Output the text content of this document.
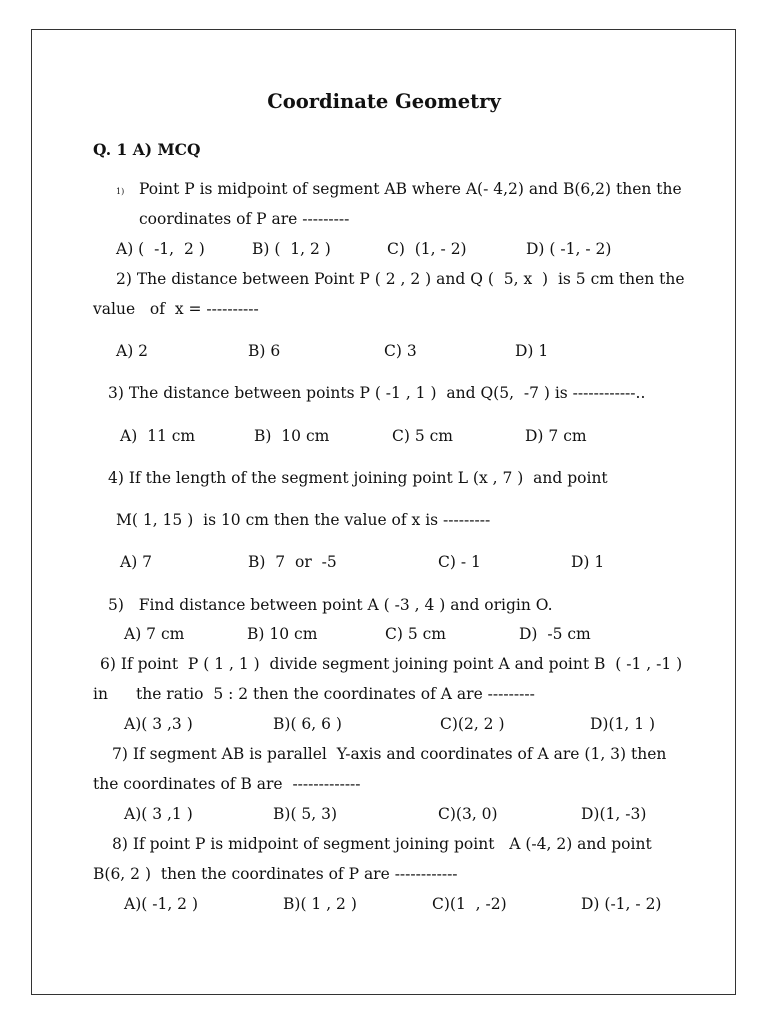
Coordinate Geometry
Q. 1 A) MCQ
1) Point P is midpoint of segment AB where A(- 4,2) and B(6,2) then the
coordinates of P are ---------
A) (  -1,  2 )	B) (  1, 2 )	C)  (1, - 2)	D) ( -1, - 2)
2) The distance between Point P ( 2 , 2 ) and Q (  5, x  )  is 5 cm then the
value   of  x = ----------
A) 2	B) 6	C) 3	D) 1
3) The distance between points P ( -1 , 1 )  and Q(5,  -7 ) is ------------..
A)  11 cm	B)  10 cm	C) 5 cm	D) 7 cm
4) If the length of the segment joining point L (x , 7 )  and point
M( 1, 15 )  is 10 cm then the value of x is ---------
A) 7	B)  7  or  -5	C) - 1	D) 1
5)   Find distance between point A ( -3 , 4 ) and origin O.
A) 7 cm	B) 10 cm	C) 5 cm	D)  -5 cm
6) If point  P ( 1 , 1 )  divide segment joining point A and point B  ( -1 , -1 )
in the ratio  5 : 2 then the coordinates of A are ---------
A)( 3 ,3 )	B)( 6, 6 )	C)(2, 2 )	D)(1, 1 )
7) If segment AB is parallel  Y-axis and coordinates of A are (1, 3) then
the coordinates of B are  -------------
A)( 3 ,1 )	B)( 5, 3)	C)(3, 0)	D)(1, -3)
8) If point P is midpoint of segment joining point   A (-4, 2) and point
B(6, 2 )  then the coordinates of P are ------------
A)( -1, 2 )	B)( 1 , 2 )	C)(1  , -2)	D) (-1, - 2)
